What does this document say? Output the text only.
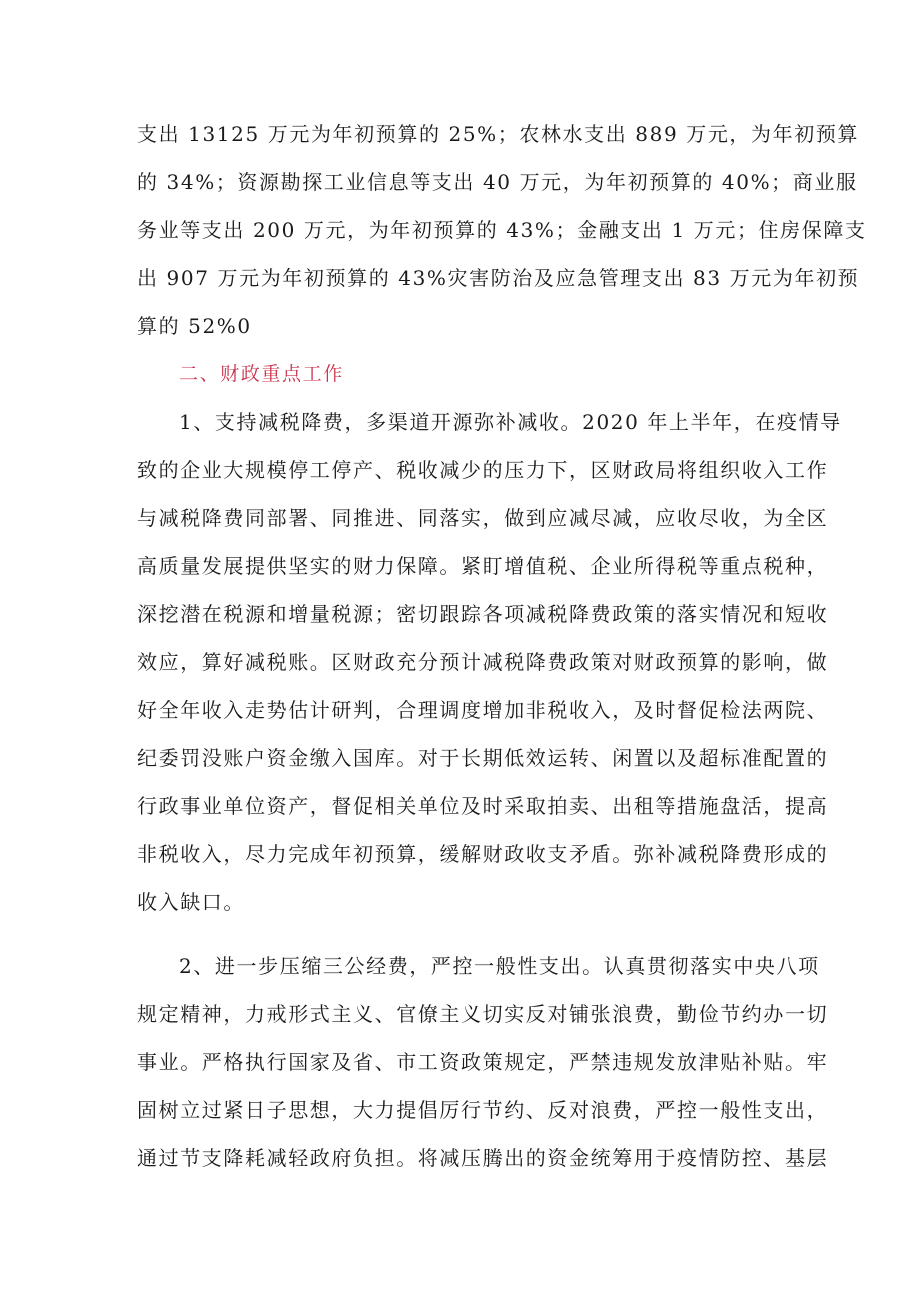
支出 13125 万元为年初预算的 25%；农林水支出 889 万元，为年初预算
的 34%；资源勘探工业信息等支出 40 万元，为年初预算的 40%；商业服
务业等支出 200 万元，为年初预算的 43%；金融支出 1 万元；住房保障支
出 907 万元为年初预算的 43%灾害防治及应急管理支出 83 万元为年初预
算的 52%0
二、财政重点工作
1、支持减税降费，多渠道开源弥补减收。2020 年上半年，在疫情导
致的企业大规模停工停产、税收减少的压力下，区财政局将组织收入工作
与减税降费同部署、同推进、同落实，做到应减尽减，应收尽收，为全区
高质量发展提供坚实的财力保障。紧盯增值税、企业所得税等重点税种，
深挖潜在税源和增量税源；密切跟踪各项减税降费政策的落实情况和短收
效应，算好减税账。区财政充分预计减税降费政策对财政预算的影响，做
好全年收入走势估计研判，合理调度增加非税收入，及时督促检法两院、
纪委罚没账户资金缴入国库。对于长期低效运转、闲置以及超标准配置的
行政事业单位资产，督促相关单位及时采取拍卖、出租等措施盘活，提高
非税收入，尽力完成年初预算，缓解财政收支矛盾。弥补减税降费形成的
收入缺口。
2、进一步压缩三公经费，严控一般性支出。认真贯彻落实中央八项
规定精神，力戒形式主义、官僚主义切实反对铺张浪费，勤俭节约办一切
事业。严格执行国家及省、市工资政策规定，严禁违规发放津贴补贴。牢
固树立过紧日子思想，大力提倡厉行节约、反对浪费，严控一般性支出，
通过节支降耗减轻政府负担。将减压腾出的资金统筹用于疫情防控、基层
